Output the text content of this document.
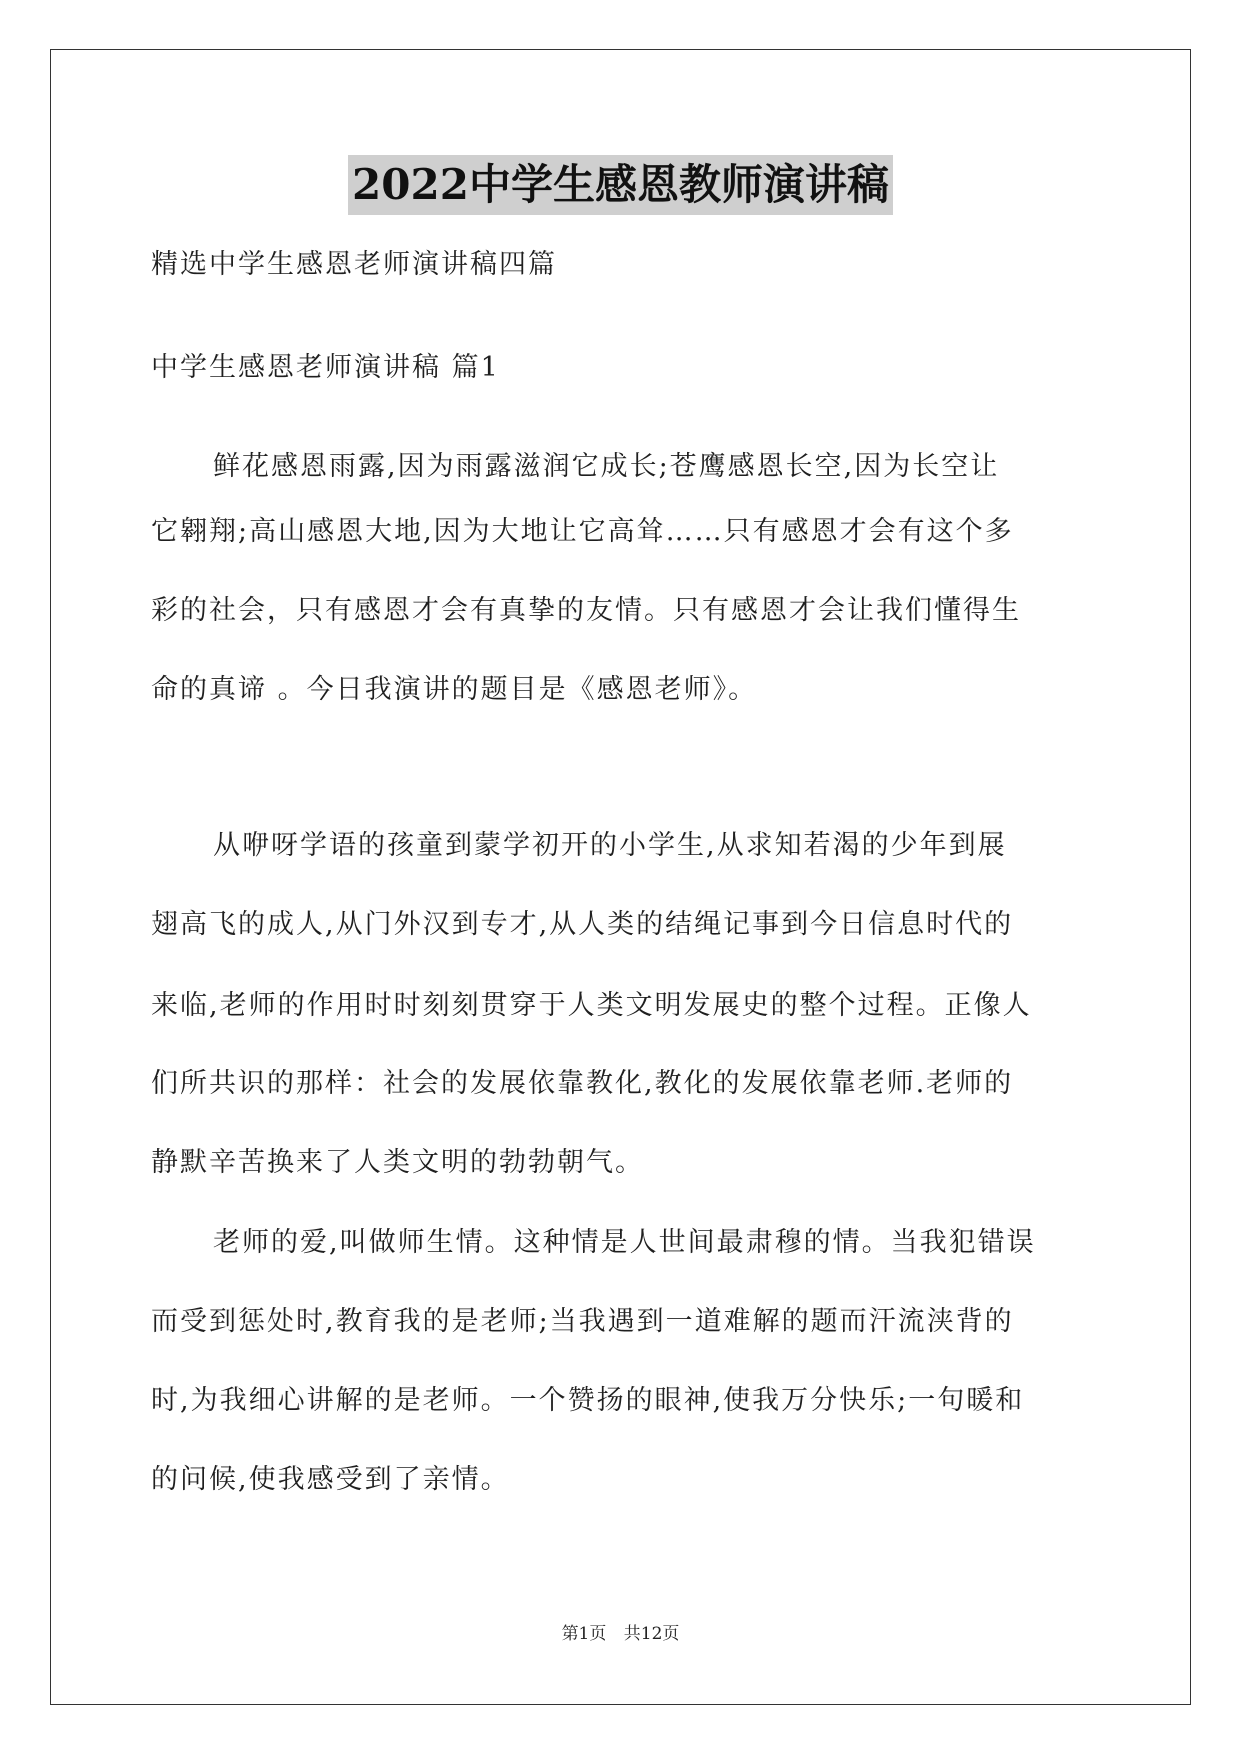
2022中学生感恩教师演讲稿
精选中学生感恩老师演讲稿四篇
中学生感恩老师演讲稿 篇1
鲜花感恩雨露,因为雨露滋润它成长;苍鹰感恩长空,因为长空让
它翱翔;高山感恩大地,因为大地让它高耸……只有感恩才会有这个多
彩的社会，只有感恩才会有真挚的友情。只有感恩才会让我们懂得生
命的真谛 。今日我演讲的题目是《感恩老师》。
从咿呀学语的孩童到蒙学初开的小学生,从求知若渴的少年到展
翅高飞的成人,从门外汉到专才,从人类的结绳记事到今日信息时代的
来临,老师的作用时时刻刻贯穿于人类文明发展史的整个过程。正像人
们所共识的那样：社会的发展依靠教化,教化的发展依靠老师.老师的
静默辛苦换来了人类文明的勃勃朝气。
老师的爱,叫做师生情。这种情是人世间最肃穆的情。当我犯错误
而受到惩处时,教育我的是老师;当我遇到一道难解的题而汗流浃背的
时,为我细心讲解的是老师。一个赞扬的眼神,使我万分快乐;一句暖和
的问候,使我感受到了亲情。
第1页 共12页
